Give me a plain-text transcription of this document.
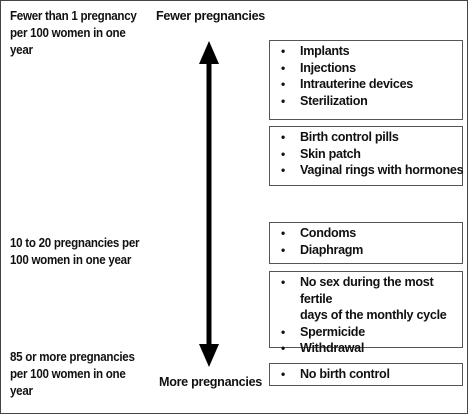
Fewer than 1 pregnancy
per 100 women in one
year
10 to 20 pregnancies per
100 women in one year
85 or more pregnancies
per 100 women in one
year
Fewer pregnancies
More pregnancies
• Implants
• Injections
• Intrauterine devices
• Sterilization
• Birth control pills
• Skin patch
• Vaginal rings with hormones
• Condoms
• Diaphragm
• No sex during the most fertile
days of the monthly cycle
• Spermicide
• Withdrawal
• No birth control
